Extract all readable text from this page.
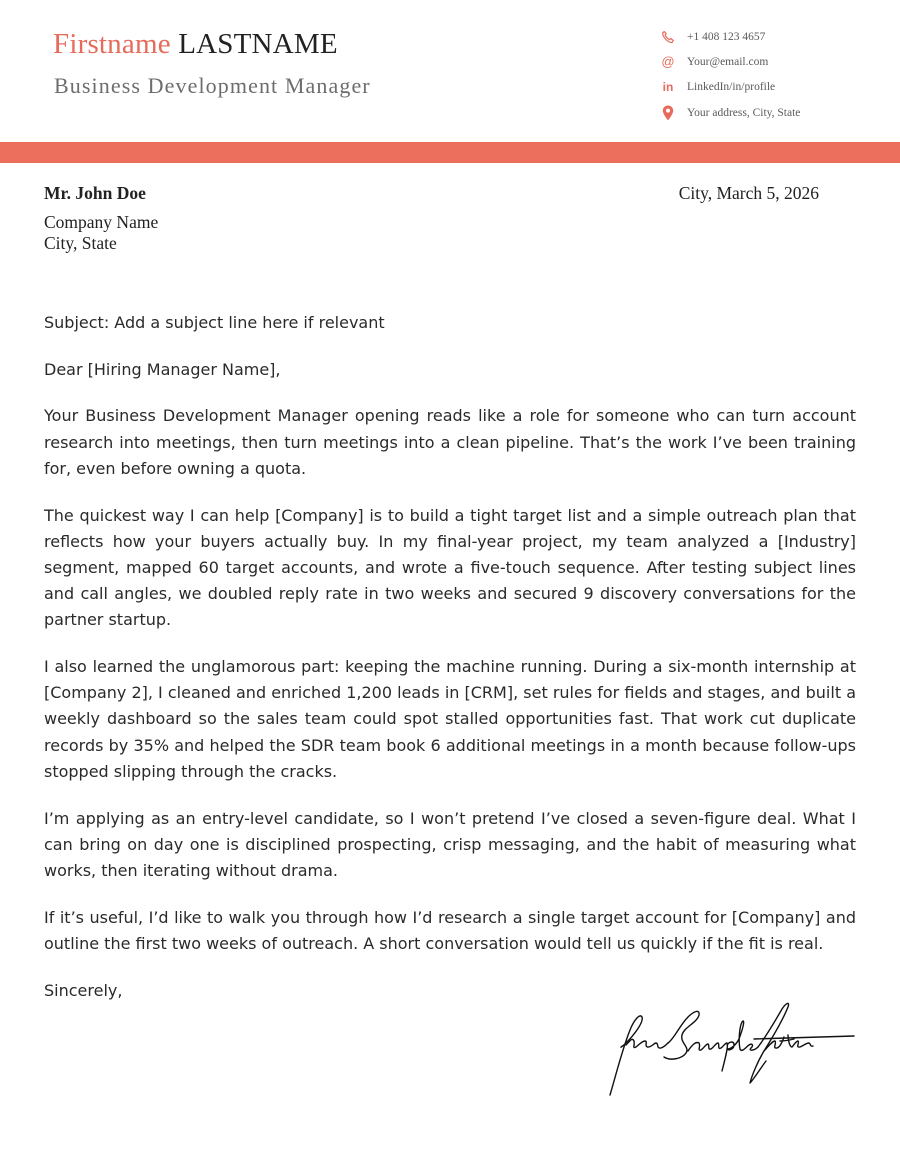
Firstname LASTNAME
Business Development Manager
+1 408 123 4657
@ Your@email.com
in LinkedIn/in/profile
Your address, City, State
Mr. John Doe
Company Name
City, State
City, March 5, 2026

Subject: Add a subject line here if relevant

Dear [Hiring Manager Name],

Your Business Development Manager opening reads like a role for someone who can turn account research into meetings, then turn meetings into a clean pipeline. That’s the work I’ve been training for, even before owning a quota.

The quickest way I can help [Company] is to build a tight target list and a simple outreach plan that reflects how your buyers actually buy. In my final-year project, my team analyzed a [Industry] segment, mapped 60 target accounts, and wrote a five-touch sequence. After testing subject lines and call angles, we doubled reply rate in two weeks and secured 9 discovery conversations for the partner startup.

I also learned the unglamorous part: keeping the machine running. During a six-month internship at [Company 2], I cleaned and enriched 1,200 leads in [CRM], set rules for fields and stages, and built a weekly dashboard so the sales team could spot stalled opportunities fast. That work cut duplicate records by 35% and helped the SDR team book 6 additional meetings in a month because follow-ups stopped slipping through the cracks.

I’m applying as an entry-level candidate, so I won’t pretend I’ve closed a seven-figure deal. What I can bring on day one is disciplined prospecting, crisp messaging, and the habit of measuring what works, then iterating without drama.

If it’s useful, I’d like to walk you through how I’d research a single target account for [Company] and outline the first two weeks of outreach. A short conversation would tell us quickly if the fit is real.

Sincerely,
